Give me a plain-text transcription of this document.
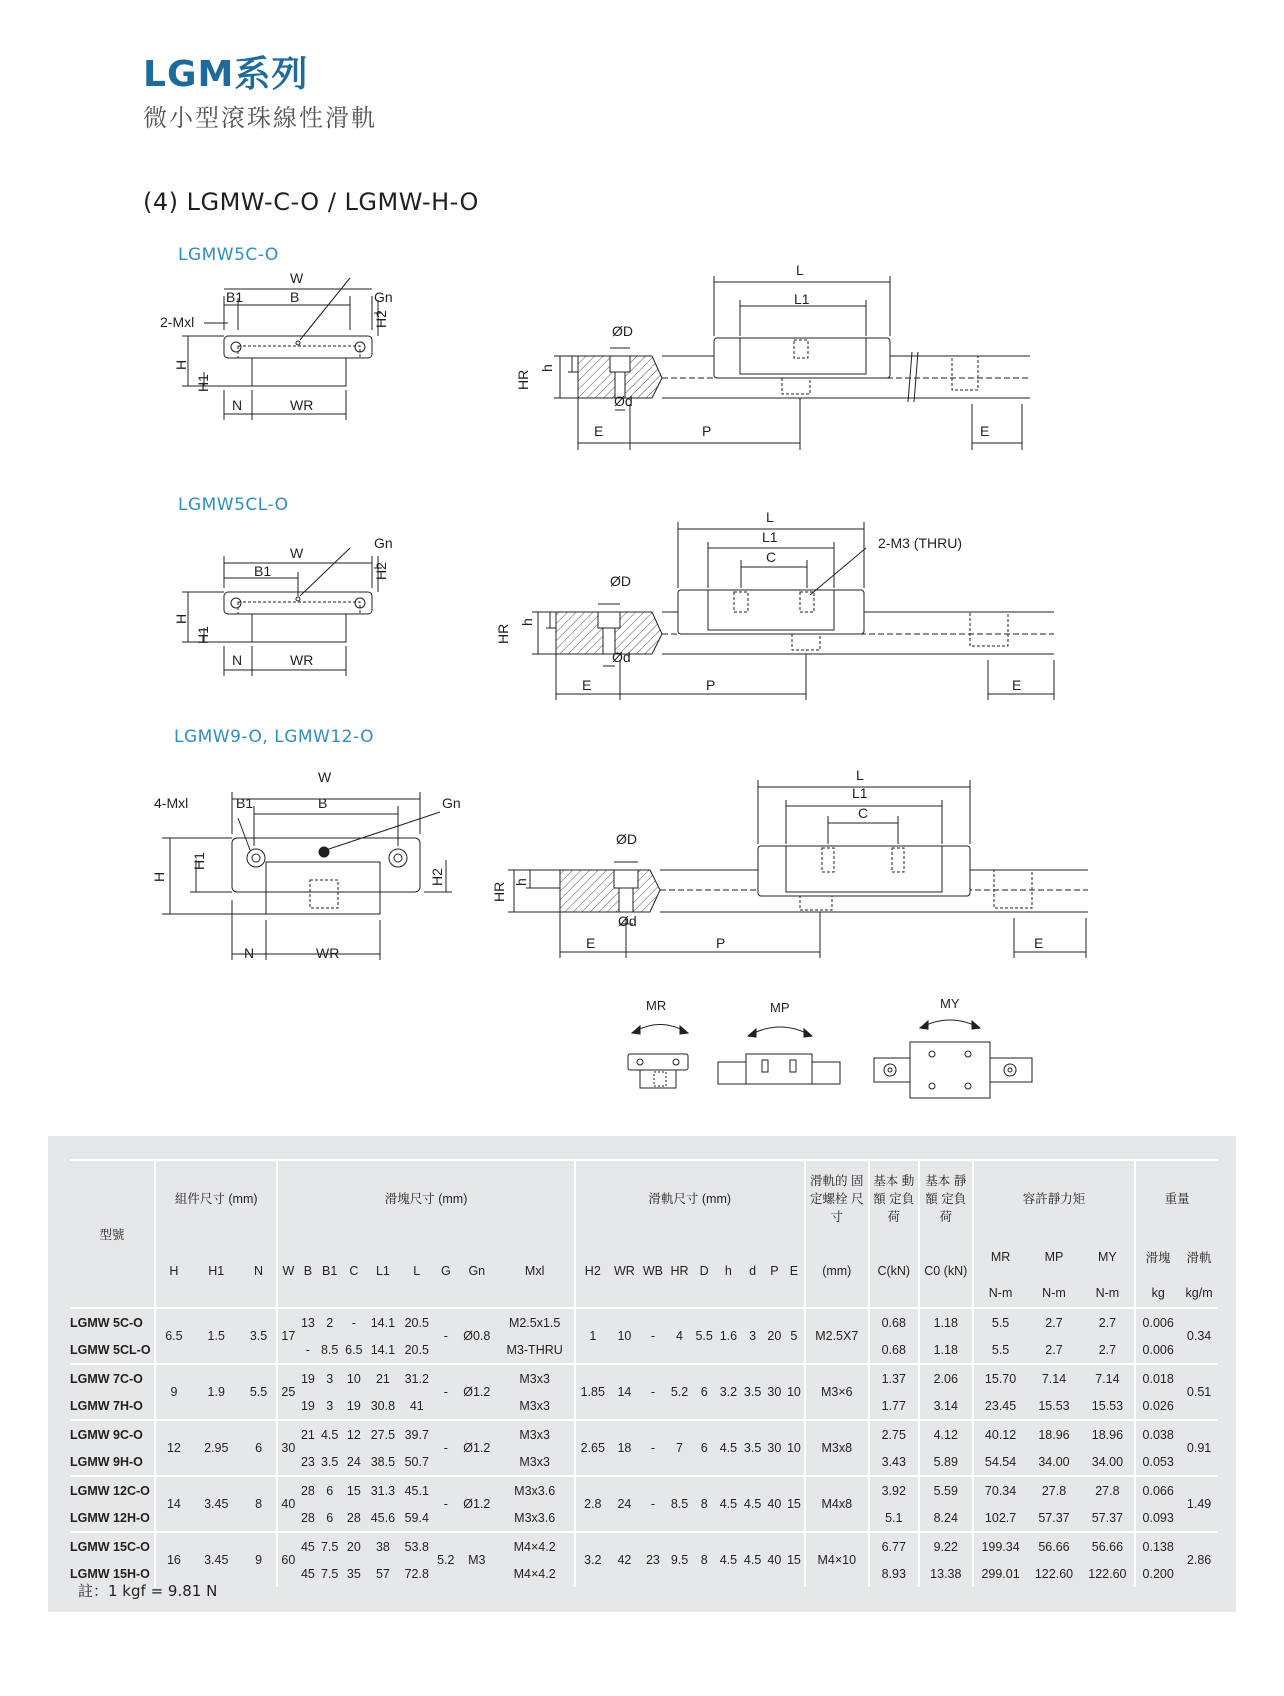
LGM系列
微小型滾珠線性滑軌
(4) LGMW-C-O / LGMW-H-O
LGMW5C-O
LGMW5CL-O
LGMW9-O, LGMW12-O
W
B1	B	Gn
2-Mxl	H2
H
H1
N	WR
L
L1
ØD
HR
h
Ød
E	P	E
W
Gn
B1	H2
H
H1
N	WR
L
L1
C
2-M3 (THRU)
ØD
HR
h
Ød
E	P	E
W
4-Mxl	B1	B	Gn
H
H1
H2
N	WR
L
L1
C
ØD
HR h
Ød
E	P	E
MR	MP	MY
型號	組件尺寸 (mm)			滑塊尺寸 (mm)									滑軌尺寸 (mm)									滑軌的 固定螺栓 尺寸	基本 動額 定負荷	基本 靜額 定負荷	容許靜力矩			重量	
	H	H1	N	W	B	B1	C	L1	L	G	Gn	Mxl	H2	WR	WB	HR	D	h	d	P	E	(mm)	C(kN)	C0 (kN)	MR	MP	MY	滑塊	滑軌
																									N-m	N-m	N-m	kg	kg/m
LGMW 5C-O	6.5	1.5	3.5	17	13	2	-	14.1	20.5	-	Ø0.8	M2.5x1.5	1	10	-	4	5.5	1.6	3	20	5	M2.5X7	0.68	1.18	5.5	2.7	2.7	0.006	0.34
LGMW 5CL-O					-	8.5	6.5	14.1	20.5			M3-THRU											0.68	1.18	5.5	2.7	2.7	0.006	
LGMW 7C-O	9	1.9	5.5	25	19	3	10	21	31.2	-	Ø1.2	M3x3	1.85	14	-	5.2	6	3.2	3.5	30	10	M3×6	1.37	2.06	15.70	7.14	7.14	0.018	0.51
LGMW 7H-O					19	3	19	30.8	41			M3x3											1.77	3.14	23.45	15.53	15.53	0.026	
LGMW 9C-O	12	2.95	6	30	21	4.5	12	27.5	39.7	-	Ø1.2	M3x3	2.65	18	-	7	6	4.5	3.5	30	10	M3x8	2.75	4.12	40.12	18.96	18.96	0.038	0.91
LGMW 9H-O					23	3.5	24	38.5	50.7			M3x3											3.43	5.89	54.54	34.00	34.00	0.053	
LGMW 12C-O	14	3.45	8	40	28	6	15	31.3	45.1	-	Ø1.2	M3x3.6	2.8	24	-	8.5	8	4.5	4.5	40	15	M4x8	3.92	5.59	70.34	27.8	27.8	0.066	1.49
LGMW 12H-O					28	6	28	45.6	59.4			M3x3.6											5.1	8.24	102.7	57.37	57.37	0.093	
LGMW 15C-O	16	3.45	9	60	45	7.5	20	38	53.8	5.2	M3	M4×4.2	3.2	42	23	9.5	8	4.5	4.5	40	15	M4×10	6.77	9.22	199.34	56.66	56.66	0.138	2.86
LGMW 15H-O					45	7.5	35	57	72.8			M4×4.2											8.93	13.38	299.01	122.60	122.60	0.200	
註：1 kgf = 9.81 N
